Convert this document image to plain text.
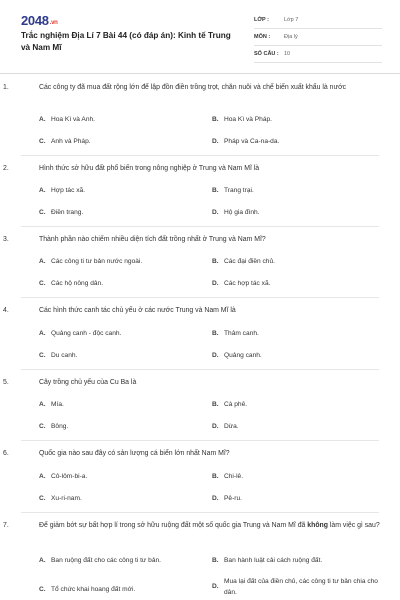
2048.vn
Trắc nghiệm Địa Lí 7 Bài 44 (có đáp án): Kinh tế Trung và Nam Mĩ
LỚP :	Lớp 7
MÔN :	Địa lý
SỐ CÂU : 10
1.	Các công ty đã mua đất rộng lớn để lập đồn điền trồng trọt, chăn nuôi và chế biến xuất khẩu là nước
A. Hoa Kì và Anh.	B. Hoa Kì và Pháp.
C. Anh và Pháp.	D. Pháp và Ca-na-da.
2.	Hình thức sở hữu đất phổ biến trong nông nghiệp ở Trung và Nam Mĩ là
A. Hợp tác xã.	B. Trang trại.
C. Điền trang.	D. Hộ gia đình.
3.	Thành phần nào chiếm nhiều diện tích đất trồng nhất ở Trung và Nam Mĩ?
A. Các công ti tư bản nước ngoài.	B. Các đại điền chủ.
C. Các hộ nông dân.	D. Các hợp tác xã.
4.	Các hình thức canh tác chủ yếu ở các nước Trung và Nam Mĩ là
A. Quảng canh - độc canh.	B. Thâm canh.
C. Du canh.	D. Quảng canh.
5.	Cây trồng chủ yếu của Cu Ba là
A. Mía.	B. Cà phê.
C. Bông.	D. Dừa.
6.	Quốc gia nào sau đây có sản lượng cá biển lớn nhất Nam Mĩ?
A. Cô-lôm-bi-a.	B. Chi-lê.
C. Xu-ri-nam.	D. Pê-ru.
7.	Để giảm bớt sự bất hợp lí trong sở hữu ruộng đất một số quốc gia Trung và Nam Mĩ đã không làm việc gì sau?
A. Ban ruộng đất cho các công ti tư bản.	B. Ban hành luật cải cách ruộng đất.
C. Tổ chức khai hoang đất mới.	D.
Mua lại đất của điền chủ, các công ti tư bản chia cho dân.
